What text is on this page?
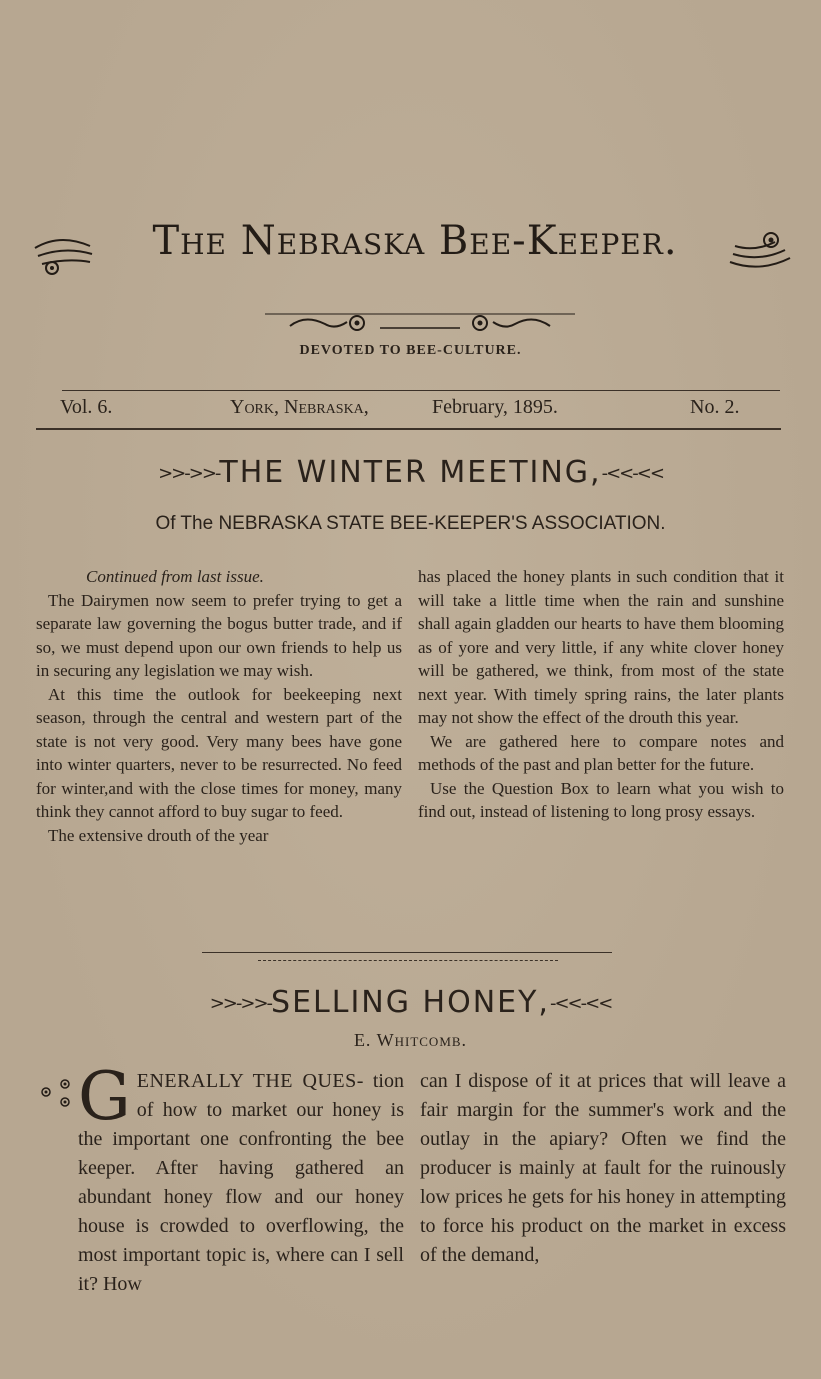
The Nebraska Bee-Keeper.
DEVOTED TO BEE-CULTURE.
Vol. 6.	York, Nebraska,	February, 1895.	No. 2.
>>->>-THE WINTER MEETING,-<<-<<
Of The NEBRASKA STATE BEE-KEEPER'S ASSOCIATION.

Continued from last issue.

The Dairymen now seem to prefer trying to get a separate law governing the bogus butter trade, and if so, we must depend upon our own friends to help us in securing any legislation we may wish.

At this time the outlook for beekeeping next season, through the central and western part of the state is not very good. Very many bees have gone into winter quarters, never to be resurrected. No feed for winter,and with the close times for money, many think they cannot afford to buy sugar to feed.

The extensive drouth of the year

has placed the honey plants in such condition that it will take a little time when the rain and sunshine shall again gladden our hearts to have them blooming as of yore and very little, if any white clover honey will be gathered, we think, from most of the state next year. With timely spring rains, the later plants may not show the effect of the drouth this year.

We are gathered here to compare notes and methods of the past and plan better for the future.

Use the Question Box to learn what you wish to find out, instead of listening to long prosy essays.

>>->>-SELLING HONEY,-<<-<<
E. Whitcomb.
G ENERALLY THE QUES- tion of how to market our honey is the important one confronting the bee keeper. After having gathered an abundant honey flow and our honey house is crowded to overflowing, the most important topic is, where can I sell it? How

can I dispose of it at prices that will leave a fair margin for the summer's work and the outlay in the apiary? Often we find the producer is mainly at fault for the ruinously low prices he gets for his honey in attempting to force his product on the market in excess of the demand,
